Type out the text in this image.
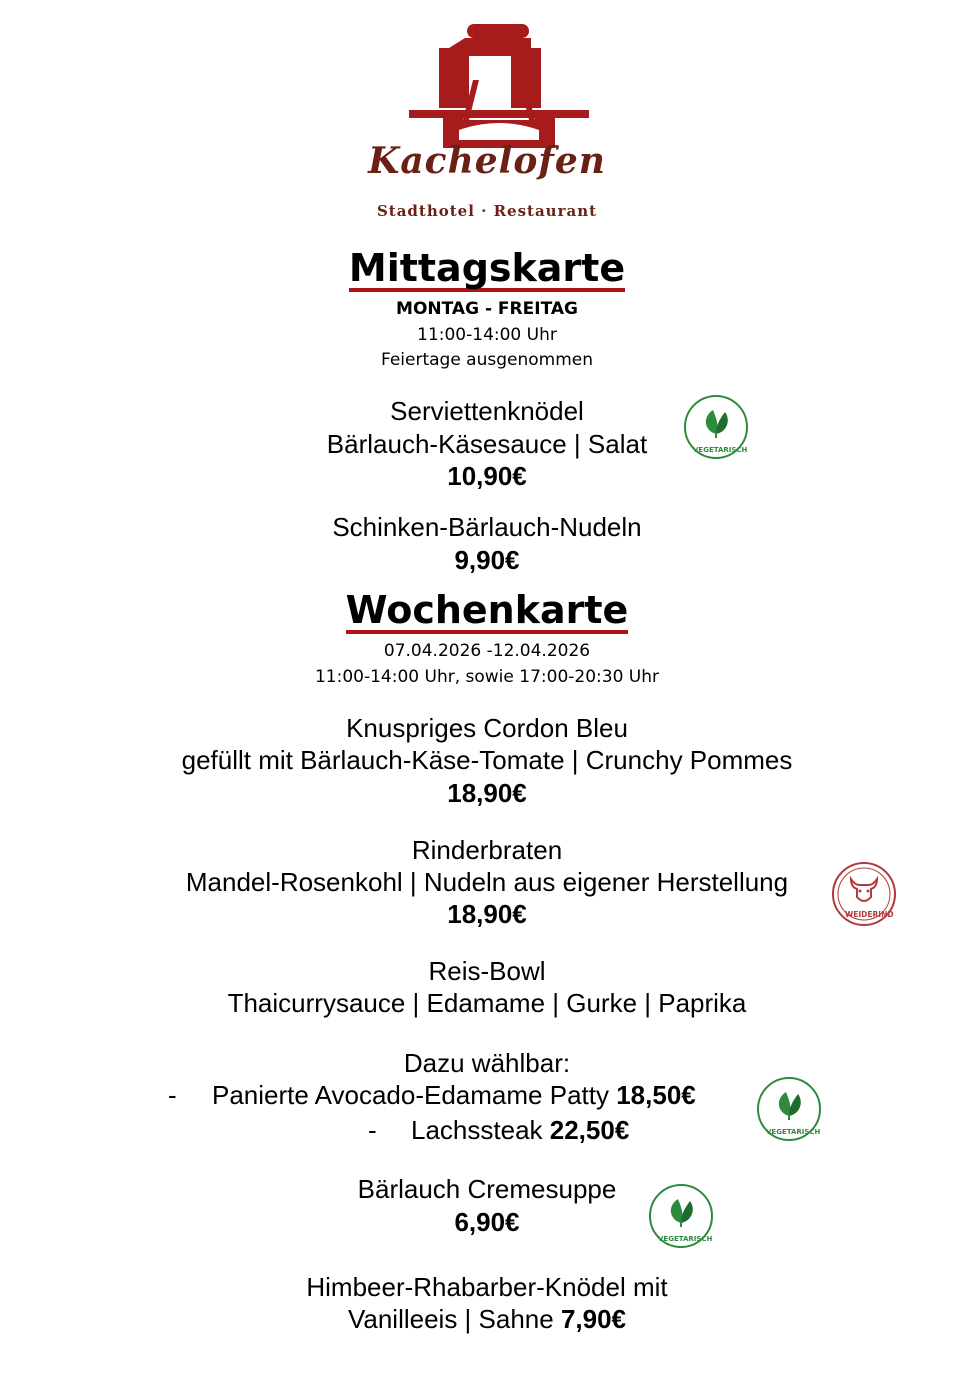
Kachelofen
Stadthotel · Restaurant
Mittagskarte
MONTAG - FREITAG
11:00-14:00 Uhr
Feiertage ausgenommen
Serviettenknödel
Bärlauch-Käsesauce | Salat
10,90€
Schinken-Bärlauch-Nudeln
9,90€
Wochenkarte
07.04.2026 -12.04.2026
11:00-14:00 Uhr, sowie 17:00-20:30 Uhr
Knuspriges Cordon Bleu
gefüllt mit Bärlauch-Käse-Tomate | Crunchy Pommes
18,90€
Rinderbraten
Mandel-Rosenkohl | Nudeln aus eigener Herstellung
18,90€
Reis-Bowl
Thaicurrysauce | Edamame | Gurke | Paprika
Dazu wählbar:
- Panierte Avocado-Edamame Patty 18,50€
- Lachssteak 22,50€
Bärlauch Cremesuppe
6,90€
Himbeer-Rhabarber-Knödel mit
Vanilleeis | Sahne 7,90€
VEGETARISCH
WEIDERIND
VEGETARISCH
VEGETARISCH
